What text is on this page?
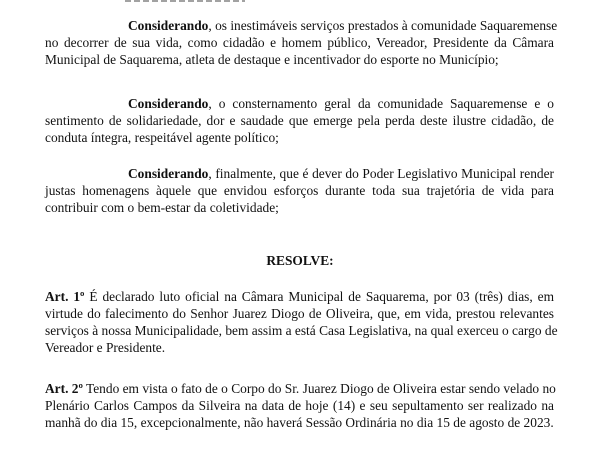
Considerando, os inestimáveis serviços prestados à comunidade Saquaremense
no decorrer de sua vida, como cidadão e homem público, Vereador, Presidente da Câmara
Municipal de Saquarema, atleta de destaque e incentivador do esporte no Município;
Considerando, o consternamento geral da comunidade Saquaremense e o
sentimento de solidariedade, dor e saudade que emerge pela perda deste ilustre cidadão, de
conduta íntegra, respeitável agente político;
Considerando, finalmente, que é dever do Poder Legislativo Municipal render
justas homenagens àquele que envidou esforços durante toda sua trajetória de vida para
contribuir com o bem-estar da coletividade;
RESOLVE:
Art. 1º É declarado luto oficial na Câmara Municipal de Saquarema, por 03 (três) dias, em
virtude do falecimento do Senhor Juarez Diogo de Oliveira, que, em vida, prestou relevantes
serviços à nossa Municipalidade, bem assim a está Casa Legislativa, na qual exerceu o cargo de
Vereador e Presidente.
Art. 2º Tendo em vista o fato de o Corpo do Sr. Juarez Diogo de Oliveira estar sendo velado no
Plenário Carlos Campos da Silveira na data de hoje (14) e seu sepultamento ser realizado na
manhã do dia 15, excepcionalmente, não haverá Sessão Ordinária no dia 15 de agosto de 2023.
